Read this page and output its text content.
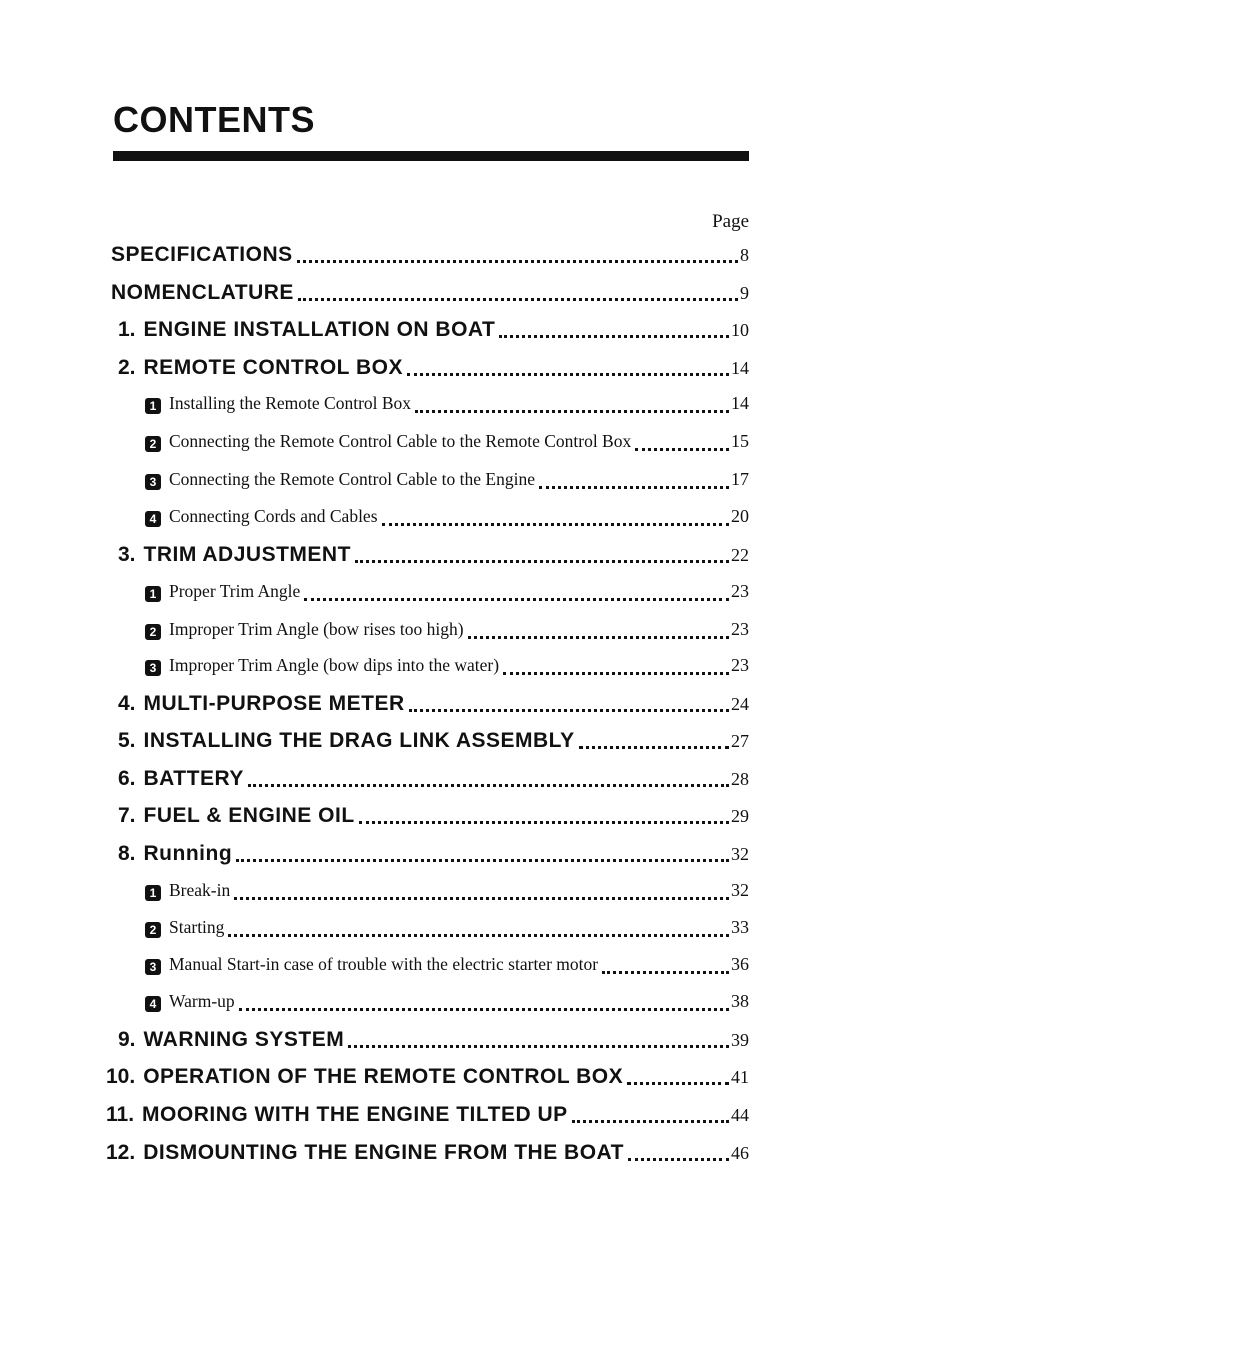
CONTENTS
Page
SPECIFICATIONS	8
NOMENCLATURE	9
1. ENGINE INSTALLATION ON BOAT	10
2. REMOTE CONTROL BOX	14
1 Installing the Remote Control Box	14
2 Connecting the Remote Control Cable to the Remote Control Box	15
3 Connecting the Remote Control Cable to the Engine	17
4 Connecting Cords and Cables	20
3. TRIM ADJUSTMENT	22
1 Proper Trim Angle	23
2 Improper Trim Angle (bow rises too high)	23
3 Improper Trim Angle (bow dips into the water)	23
4. MULTI-PURPOSE METER	24
5. INSTALLING THE DRAG LINK ASSEMBLY	27
6. BATTERY	28
7. FUEL & ENGINE OIL	29
8. Running	32
1 Break-in	32
2 Starting	33
3 Manual Start-in case of trouble with the electric starter motor	36
4 Warm-up	38
9. WARNING SYSTEM	39
10. OPERATION OF THE REMOTE CONTROL BOX	41
11. MOORING WITH THE ENGINE TILTED UP	44
12. DISMOUNTING THE ENGINE FROM THE BOAT	46
